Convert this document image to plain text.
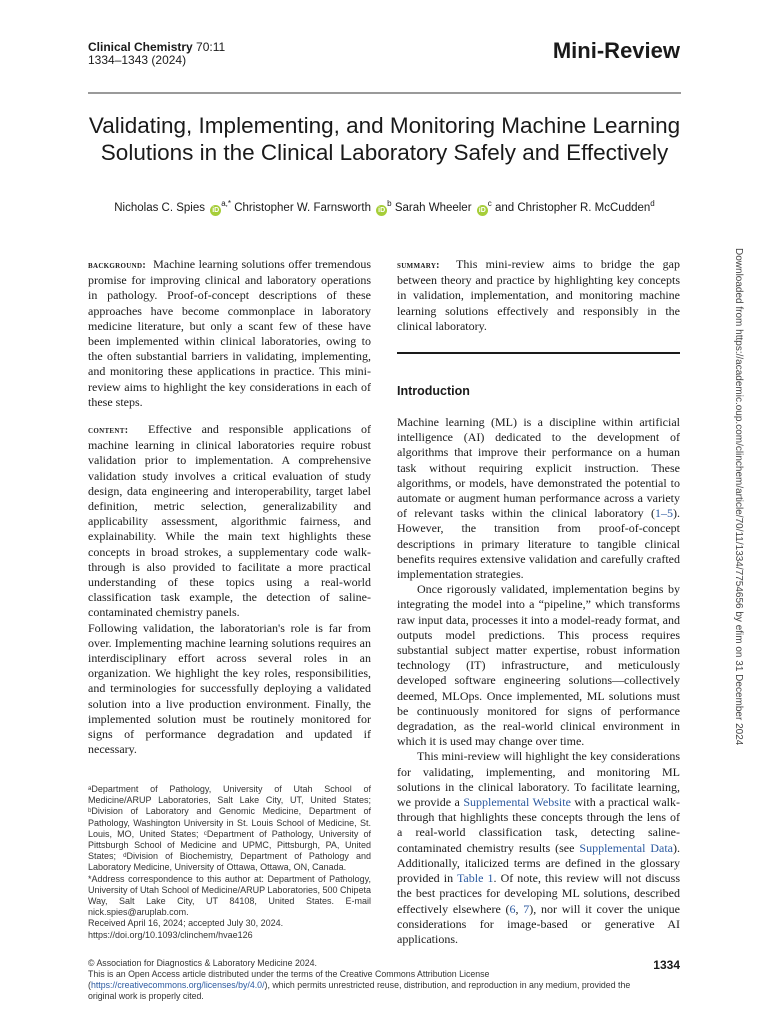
Clinical Chemistry 70:11
1334–1343 (2024)	Mini-Review
Validating, Implementing, and Monitoring Machine Learning Solutions in the Clinical Laboratory Safely and Effectively
Nicholas C. Spies $iD^{a,*}$ Christopher W. Farnsworth $iD^b$ Sarah Wheeler $iD^c$ and Christopher R. McCudden$^d$

background: Machine learning solutions offer tremendous promise for improving clinical and laboratory operations in pathology. Proof-of-concept descriptions of these approaches have become commonplace in laboratory medicine literature, but only a scant few of these have been implemented within clinical laboratories, owing to the often substantial barriers in validating, implementing, and monitoring these applications in practice. This mini-review aims to highlight the key considerations in each of these steps.

content: Effective and responsible applications of machine learning in clinical laboratories require robust validation prior to implementation. A comprehensive validation study involves a critical evaluation of study design, data engineering and interoperability, target label definition, metric selection, generalizability and applicability assessment, algorithmic fairness, and explainability. While the main text highlights these concepts in broad strokes, a supplementary code walk-through is also provided to facilitate a more practical understanding of these topics using a real-world classification task example, the detection of saline-contaminated chemistry panels.

Following validation, the laboratorian's role is far from over. Implementing machine learning solutions requires an interdisciplinary effort across several roles in an organization. We highlight the key roles, responsibilities, and terminologies for successfully deploying a validated solution into a live production environment. Finally, the implemented solution must be routinely monitored for signs of performance degradation and updated if necessary.

summary: This mini-review aims to bridge the gap between theory and practice by highlighting key concepts in validation, implementation, and monitoring machine learning solutions effectively and responsibly in the clinical laboratory.
Introduction

Machine learning (ML) is a discipline within artificial intelligence (AI) dedicated to the development of algorithms that improve their performance on a human task without requiring explicit instruction. These algorithms, or models, have demonstrated the potential to automate or augment human performance across a variety of relevant tasks within the clinical laboratory (1–5). However, the transition from proof-of-concept descriptions in primary literature to tangible clinical benefits requires extensive validation and carefully crafted implementation strategies.

Once rigorously validated, implementation begins by integrating the model into a “pipeline,” which transforms raw input data, processes it into a model-ready format, and outputs model predictions. This process requires substantial subject matter expertise, robust information technology (IT) infrastructure, and meticulously developed software engineering solutions—collectively deemed, MLOps. Once implemented, ML solutions must be continuously monitored for signs of performance degradation, as the real-world clinical environment in which it is used may change over time.

This mini-review will highlight the key considerations for validating, implementing, and monitoring ML solutions in the clinical laboratory. To facilitate learning, we provide a Supplemental Website with a practical walk-through that highlights these concepts through the lens of a real-world classification task, detecting saline-contaminated chemistry results (see Supplemental Data). Additionally, italicized terms are defined in the glossary provided in Table 1. Of note, this review will not discuss the best practices for developing ML solutions, described effectively elsewhere (6, 7), nor will it cover the unique considerations for image-based or generative AI applications.

ᵃDepartment of Pathology, University of Utah School of Medicine/ARUP Laboratories, Salt Lake City, UT, United States; ᵇDivision of Laboratory and Genomic Medicine, Department of Pathology, Washington University in St. Louis School of Medicine, St. Louis, MO, United States; ᶜDepartment of Pathology, University of Pittsburgh School of Medicine and UPMC, Pittsburgh, PA, United States; ᵈDivision of Biochemistry, Department of Pathology and Laboratory Medicine, University of Ottawa, Ottawa, ON, Canada.
*Address correspondence to this author at: Department of Pathology, University of Utah School of Medicine/ARUP Laboratories, 500 Chipeta Way, Salt Lake City, UT 84108, United States. E-mail nick.spies@aruplab.com.
Received April 16, 2024; accepted July 30, 2024.
https://doi.org/10.1093/clinchem/hvae126
© Association for Diagnostics & Laboratory Medicine 2024.
This is an Open Access article distributed under the terms of the Creative Commons Attribution License (https://creativecommons.org/licenses/by/4.0/), which permits unrestricted reuse, distribution, and reproduction in any medium, provided the original work is properly cited.
1334
Downloaded from https://academic.oup.com/clinchem/article/70/11/1334/7754656 by efim on 31 December 2024
